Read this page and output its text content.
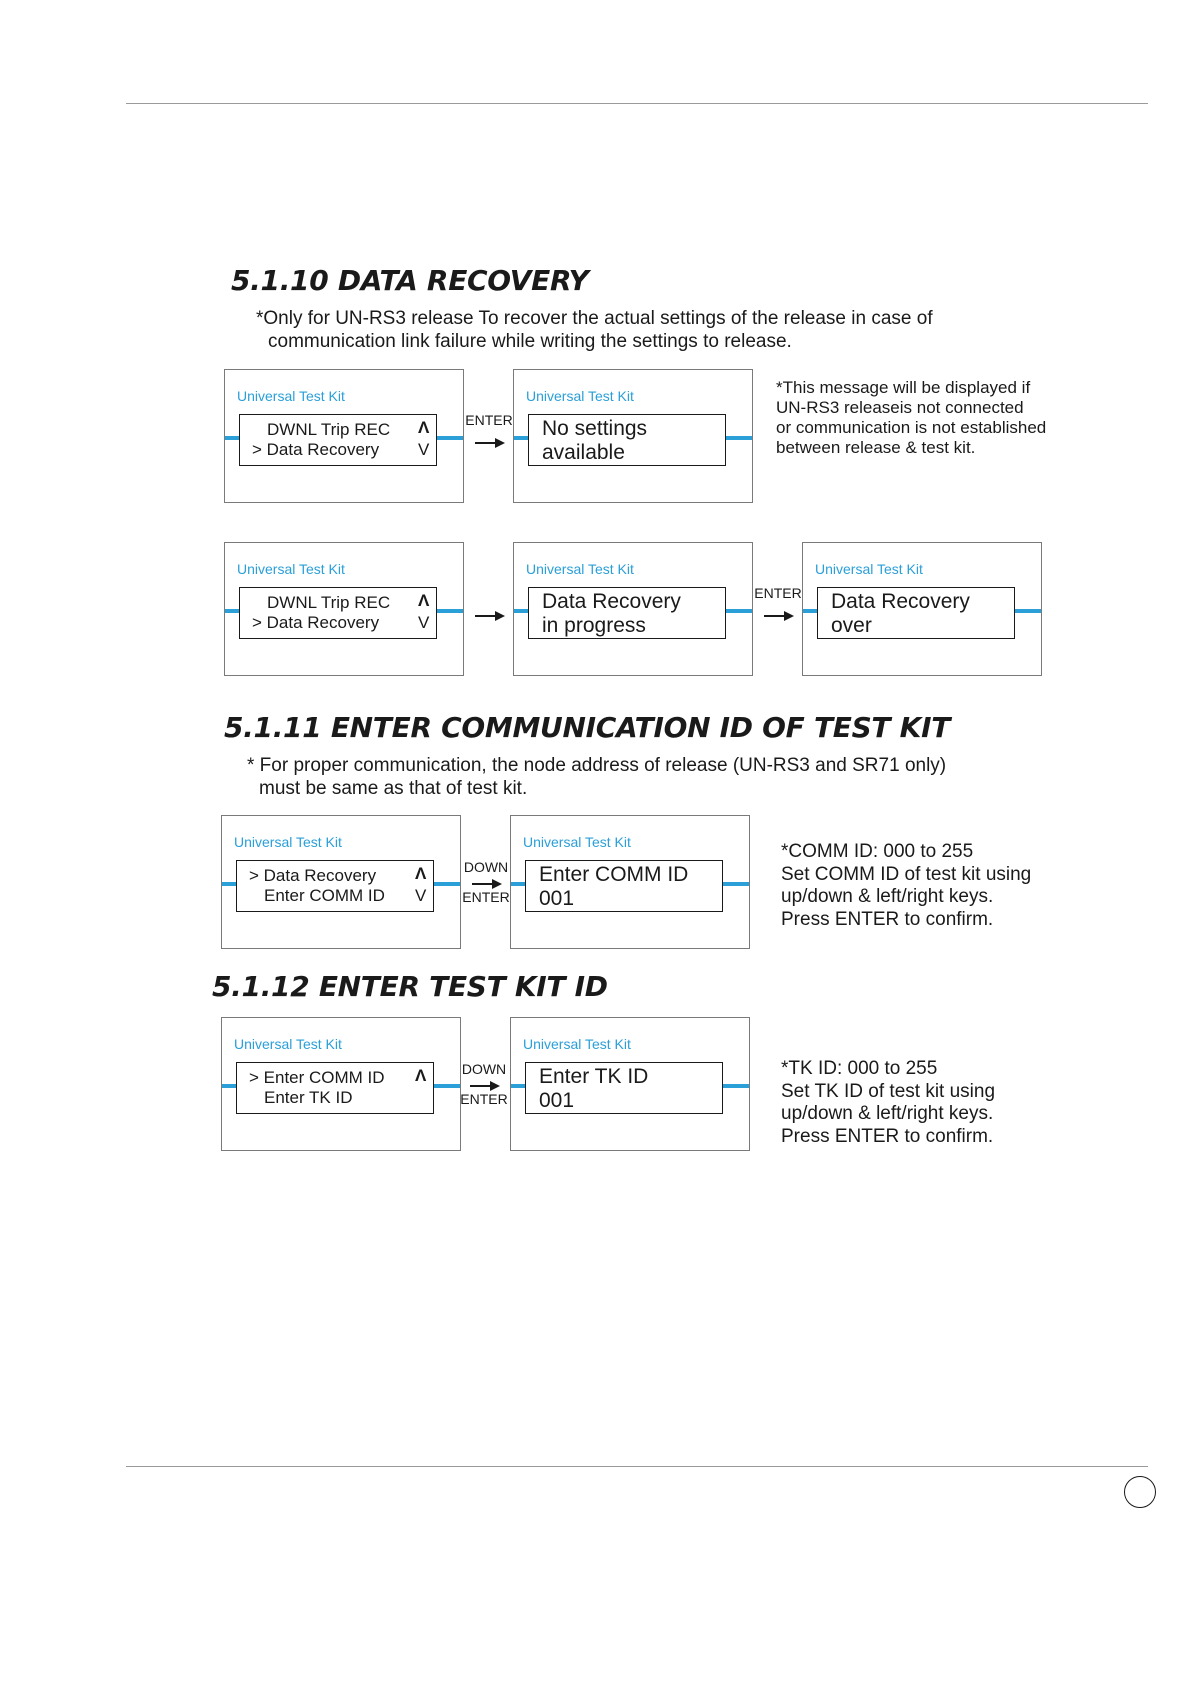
5.1.10 DATA RECOVERY
*Only for UN-RS3 release To recover the actual settings of the release in case of
communication link failure while writing the settings to release.
Universal Test Kit
DWNL Trip REC
> Data Recovery
Λ
V
ENTER
Universal Test Kit
No settings
available
*This message will be displayed if
UN-RS3 releaseis not connected
or communication is not established
between release & test kit.
Universal Test Kit
DWNL Trip REC
> Data Recovery
Λ
V
Universal Test Kit
Data Recovery
in progress
ENTER
Universal Test Kit
Data Recovery
over
5.1.11 ENTER COMMUNICATION ID OF TEST KIT
* For proper communication, the node address of release (UN-RS3 and SR71 only)
must be same as that of test kit.
Universal Test Kit
> Data Recovery
Enter COMM ID
Λ
V
DOWN
ENTER
Universal Test Kit
Enter COMM ID
001
*COMM ID: 000 to 255
Set COMM ID of test kit using
up/down & left/right keys.
Press ENTER to confirm.
5.1.12 ENTER TEST KIT ID
Universal Test Kit
> Enter COMM ID
Enter TK ID
Λ	DOWN
ENTER
Universal Test Kit
Enter TK ID
001
*TK ID: 000 to 255
Set TK ID of test kit using
up/down & left/right keys.
Press ENTER to confirm.
